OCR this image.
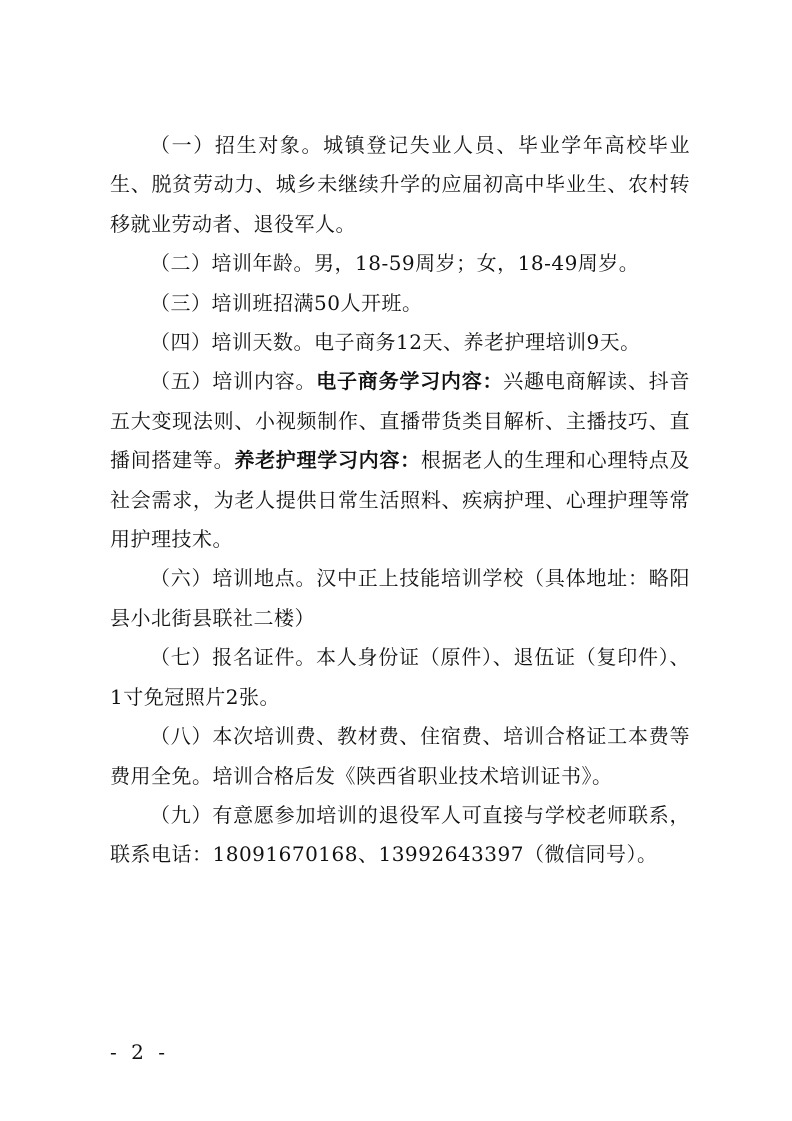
（一）招生对象。城镇登记失业人员、毕业学年高校毕业生、脱贫劳动力、城乡未继续升学的应届初高中毕业生、农村转移就业劳动者、退役军人。

（二）培训年龄。男，18-59周岁；女，18-49周岁。

（三）培训班招满50人开班。

（四）培训天数。电子商务12天、养老护理培训9天。

（五）培训内容。电子商务学习内容：兴趣电商解读、抖音五大变现法则、小视频制作、直播带货类目解析、主播技巧、直播间搭建等。养老护理学习内容：根据老人的生理和心理特点及社会需求，为老人提供日常生活照料、疾病护理、心理护理等常用护理技术。

（六）培训地点。汉中正上技能培训学校（具体地址：略阳县小北街县联社二楼）

（七）报名证件。本人身份证（原件）、退伍证（复印件）、1寸免冠照片2张。

（八）本次培训费、教材费、住宿费、培训合格证工本费等费用全免。培训合格后发《陕西省职业技术培训证书》。

（九）有意愿参加培训的退役军人可直接与学校老师联系，联系电话：18091670168、13992643397（微信同号）。

- 2 -
